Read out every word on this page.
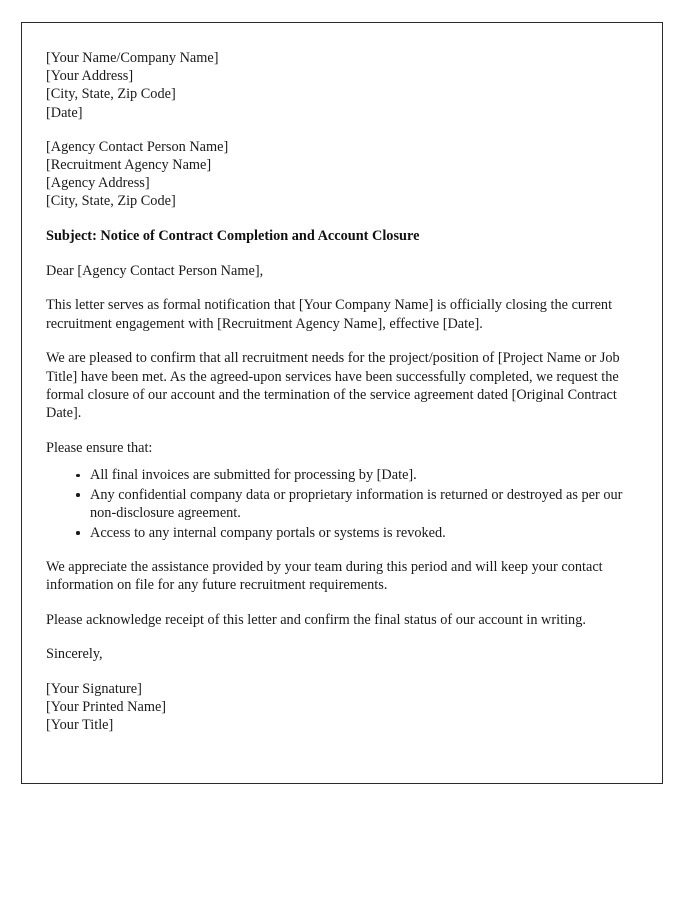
[Your Name/Company Name]
[Your Address]
[City, State, Zip Code]
[Date]
[Agency Contact Person Name]
[Recruitment Agency Name]
[Agency Address]
[City, State, Zip Code]
Subject: Notice of Contract Completion and Account Closure
Dear [Agency Contact Person Name],
This letter serves as formal notification that [Your Company Name] is officially closing the current recruitment engagement with [Recruitment Agency Name], effective [Date].
We are pleased to confirm that all recruitment needs for the project/position of [Project Name or Job Title] have been met. As the agreed-upon services have been successfully completed, we request the formal closure of our account and the termination of the service agreement dated [Original Contract Date].
Please ensure that:
All final invoices are submitted for processing by [Date].
Any confidential company data or proprietary information is returned or destroyed as per our non-disclosure agreement.
Access to any internal company portals or systems is revoked.
We appreciate the assistance provided by your team during this period and will keep your contact information on file for any future recruitment requirements.
Please acknowledge receipt of this letter and confirm the final status of our account in writing.
Sincerely,
[Your Signature]
[Your Printed Name]
[Your Title]
